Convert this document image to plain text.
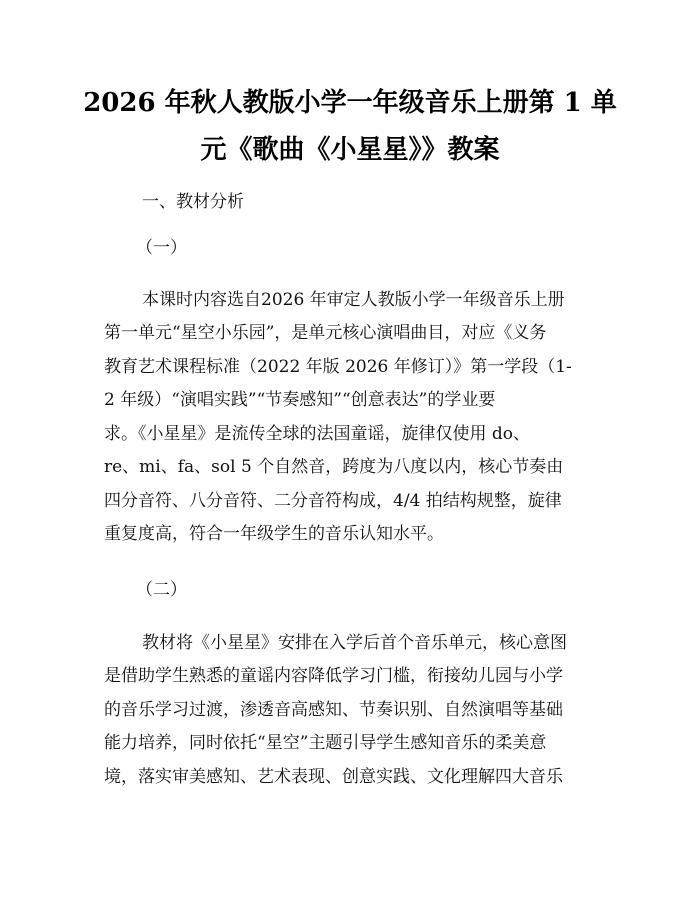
2026 年秋人教版小学一年级音乐上册第 1 单
元《歌曲《小星星》》教案
一、教材分析
（一）
本课时内容选自2026 年审定人教版小学一年级音乐上册
第一单元“星空小乐园”，是单元核心演唱曲目，对应《义务
教育艺术课程标准（2022 年版 2026 年修订）》第一学段（1-
2 年级）“演唱实践”“节奏感知”“创意表达”的学业要
求。《小星星》是流传全球的法国童谣，旋律仅使用 do、
re、mi、fa、sol 5 个自然音，跨度为八度以内，核心节奏由
四分音符、八分音符、二分音符构成，4/4 拍结构规整，旋律
重复度高，符合一年级学生的音乐认知水平。
（二）
教材将《小星星》安排在入学后首个音乐单元，核心意图
是借助学生熟悉的童谣内容降低学习门槛，衔接幼儿园与小学
的音乐学习过渡，渗透音高感知、节奏识别、自然演唱等基础
能力培养，同时依托“星空”主题引导学生感知音乐的柔美意
境，落实审美感知、艺术表现、创意实践、文化理解四大音乐
